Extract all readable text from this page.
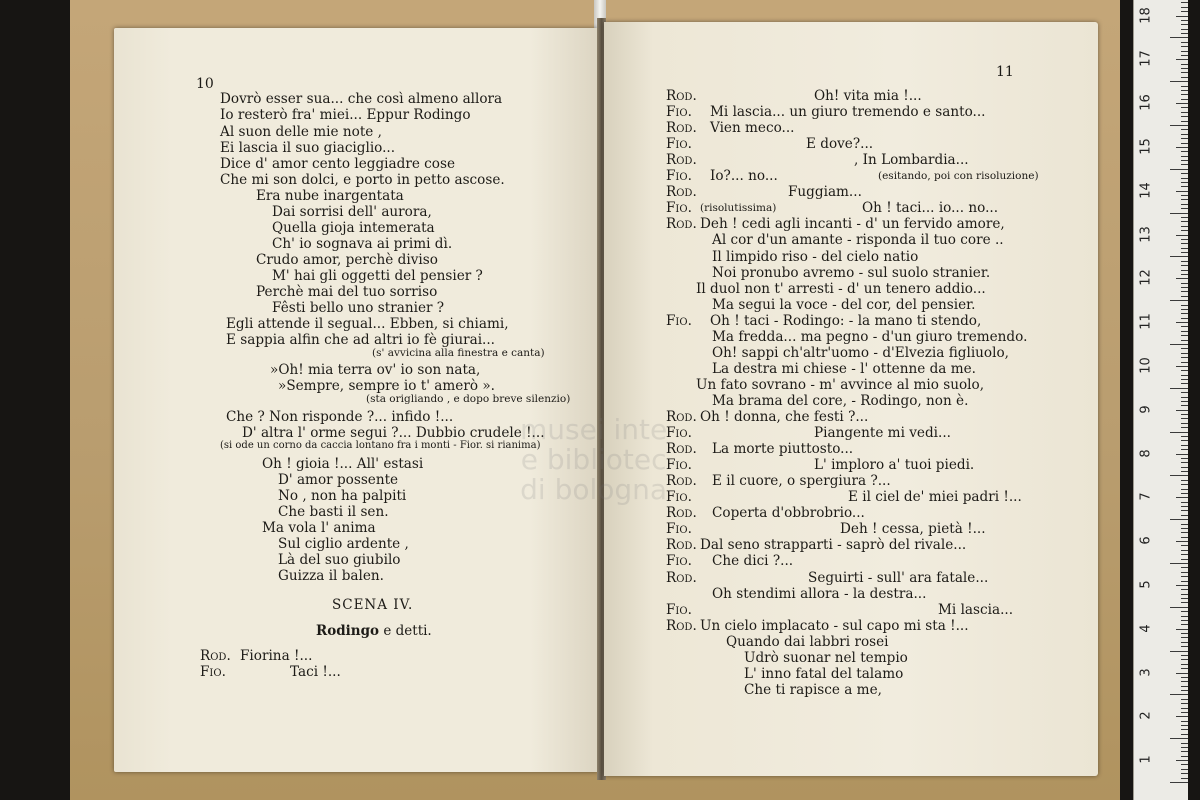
10
Dovrò esser sua... che così almeno allora
Io resterò fra' miei... Eppur Rodingo
Al suon delle mie note ,
Ei lascia il suo giaciglio...
Dice d' amor cento leggiadre cose
Che mi son dolci, e porto in petto ascose.
Era nube inargentata
Dai sorrisi dell' aurora,
Quella gioja intemerata
Ch' io sognava ai primi dì.
Crudo amor, perchè diviso
M' hai gli oggetti del pensier ?
Perchè mai del tuo sorriso
Fêsti bello uno stranier ?
Egli attende il segual... Ebben, si chiami,
E sappia alfin che ad altri io fè giurai...
(s' avvicina alla finestra e canta)
»Oh! mia terra ov' io son nata,
»Sempre, sempre io t' amerò ».
(sta origliando , e dopo breve silenzio)
Che ? Non risponde ?... infido !...
D' altra l' orme segui ?... Dubbio crudele !...
(si ode un corno da caccia lontano fra i monti - Fior. si rianima)
Oh ! gioia !... All' estasi
D' amor possente
No , non ha palpiti
Che basti il sen.
Ma vola l' anima
Sul ciglio ardente ,
Là del suo giubilo
Guizza il balen.
SCENA IV.
Rodingo e detti.
Rod. Fiorina !...
Fio.	Taci !...
11
Rod.	Oh! vita mia !...
Fio. Mi lascia... un giuro tremendo e santo...
Rod. Vien meco...
Fio.	E dove?...
Rod.	, In Lombardia...
Fio. Io?... no...
Rod.	Fuggiam...
Fio.	Oh ! taci... io... no...
Rod. Deh ! cedi agli incanti - d' un fervido amore,
Al cor d'un amante - risponda il tuo core ..
Il limpido riso - del cielo natio
Noi pronubo avremo - sul suolo stranier.
Il duol non t' arresti - d' un tenero addio...
Ma segui la voce - del cor, del pensier.
Fio. Oh ! taci - Rodingo: - la mano ti stendo,
Ma fredda... ma pegno - d'un giuro tremendo.
Oh! sappi ch'altr'uomo - d'Elvezia figliuolo,
La destra mi chiese - l' ottenne da me.
Un fato sovrano - m' avvince al mio suolo,
Ma brama del core, - Rodingo, non è.
Rod. Oh ! donna, che festi ?...
Fio.	Piangente mi vedi...
Rod. La morte piuttosto...
Fio.	L' imploro a' tuoi piedi.
Rod. E il cuore, o spergiura ?...
Fio.	E il ciel de' miei padri !...
Rod. Coperta d'obbrobrio...
Fio.	Deh ! cessa, pietà !...
Rod. Dal seno strapparti - saprò del rivale...
Fio. Che dici ?...
Rod.	Seguirti - sull' ara fatale...
Oh stendimi allora - la destra...
Fio.	Mi lascia...
Rod. Un cielo implacato - sul capo mi sta !...
Quando dai labbri rosei
Udrò suonar nel tempio
L' inno fatal del talamo
Che ti rapisce a me,
(esitando, poi con risoluzione)
(risolutissima)
musei inte
e bibliotec
di bologna
1
2
3
4
5
6
7
8
9
10
11
12
13
14
15
16
17
18
